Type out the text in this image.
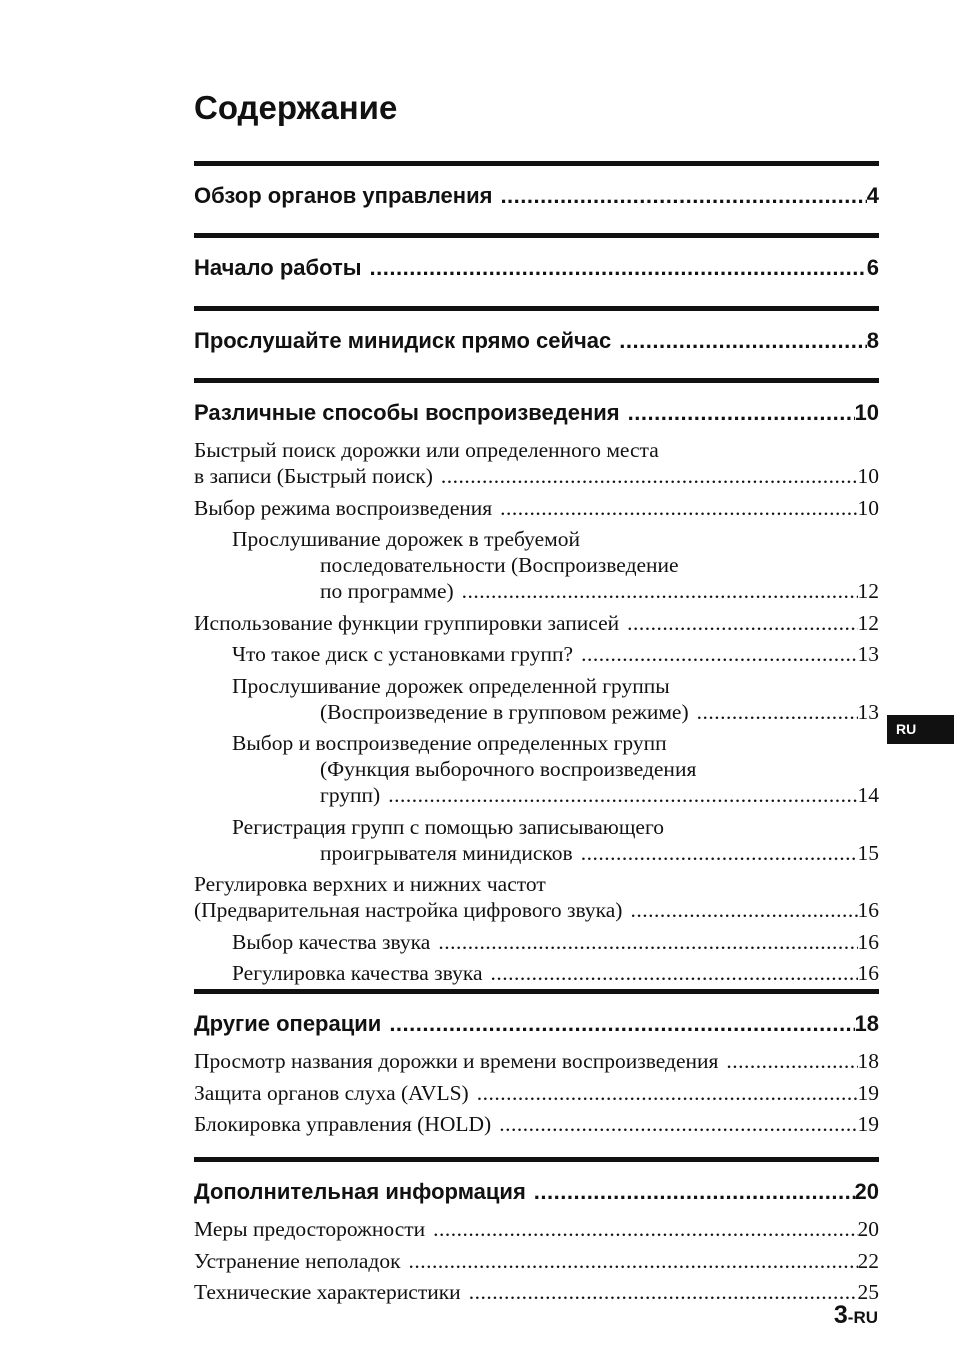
Содержание
Обзор органов управления .....	4
Начало работы .....	6
Прослушайте минидиск прямо сейчас .....	8
Различные способы воспроизведения .....	10
Быстрый поиск дорожки или определенного места
в записи (Быстрый поиск) .....	10
Выбор режима воспроизведения .....	10
Прослушивание дорожек в требуемой
последовательности (Воспроизведение
по программе) .....	12
Использование функции группировки записей .....	12
Что такое диск с установками групп? .....	13
Прослушивание дорожек определенной группы
(Воспроизведение в групповом режиме) .....	13
Выбор и воспроизведение определенных групп
(Функция выборочного воспроизведения
групп) .....	14
Регистрация групп с помощью записывающего
проигрывателя минидисков .....	15
Регулировка верхних и нижних частот
(Предварительная настройка цифрового звука) .....	16
Выбор качества звука .....	16
Регулировка качества звука .....	16
Другие операции .....	18
Просмотр названия дорожки и времени воспроизведения .....	18
Защита органов слуха (AVLS) .....	19
Блокировка управления (HOLD) .....	19
Дополнительная информация .....	20
Меры предосторожности .....	20
Устранение неполадок .....	22
Технические характеристики .....	25
RU
3-RU
